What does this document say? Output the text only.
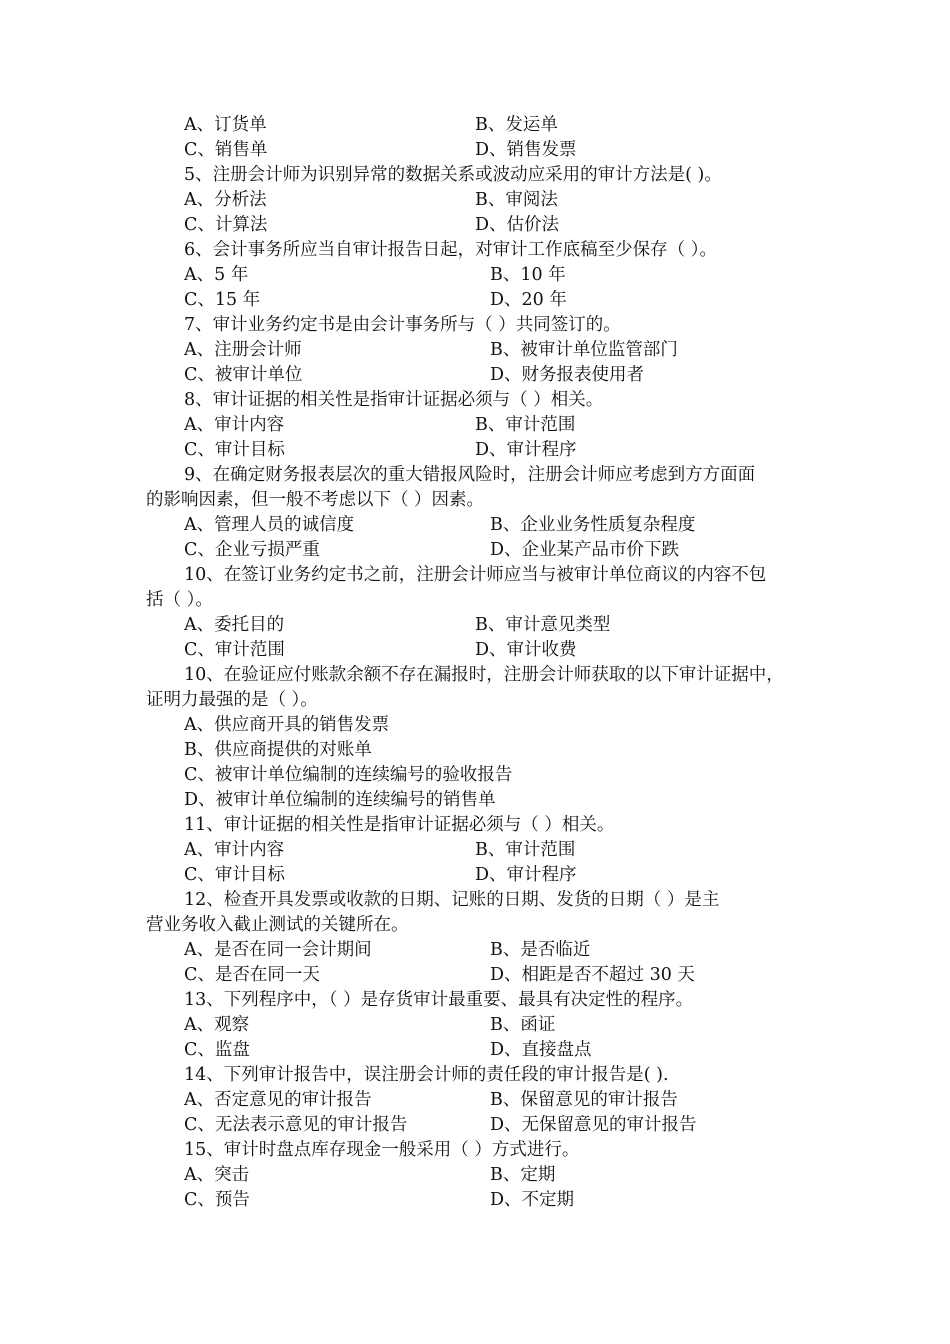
A、订货单	B、发运单
C、销售单	D、销售发票
5、注册会计师为识别异常的数据关系或波动应采用的审计方法是( )。
A、分析法	B、审阅法
C、计算法	D、估价法
6、会计事务所应当自审计报告日起，对审计工作底稿至少保存（ ）。
A、5 年	B、10 年
C、15 年	D、20 年
7、审计业务约定书是由会计事务所与（ ）共同签订的。
A、注册会计师	B、被审计单位监管部门
C、被审计单位	D、财务报表使用者
8、审计证据的相关性是指审计证据必须与（ ）相关。
A、审计内容	B、审计范围
C、审计目标	D、审计程序
9、在确定财务报表层次的重大错报风险时，注册会计师应考虑到方方面面
的影响因素，但一般不考虑以下（ ）因素。
A、管理人员的诚信度	B、企业业务性质复杂程度
C、企业亏损严重	D、企业某产品市价下跌
10、在签订业务约定书之前，注册会计师应当与被审计单位商议的内容不包
括（ ）。
A、委托目的	B、审计意见类型
C、审计范围	D、审计收费
10、在验证应付账款余额不存在漏报时，注册会计师获取的以下审计证据中，
证明力最强的是（ ）。
A、供应商开具的销售发票
B、供应商提供的对账单
C、被审计单位编制的连续编号的验收报告
D、被审计单位编制的连续编号的销售单
11、审计证据的相关性是指审计证据必须与（ ）相关。
A、审计内容	B、审计范围
C、审计目标	D、审计程序
12、检查开具发票或收款的日期、记账的日期、发货的日期（ ）是主
营业务收入截止测试的关键所在。
A、是否在同一会计期间	B、是否临近
C、是否在同一天	D、相距是否不超过 30 天
13、下列程序中，（ ）是存货审计最重要、最具有决定性的程序。
A、观察	B、函证
C、监盘	D、直接盘点
14、下列审计报告中，误注册会计师的责任段的审计报告是( ).
A、否定意见的审计报告	B、保留意见的审计报告
C、无法表示意见的审计报告	D、无保留意见的审计报告
15、审计时盘点库存现金一般采用（ ）方式进行。
A、突击	B、定期
C、预告	D、不定期
